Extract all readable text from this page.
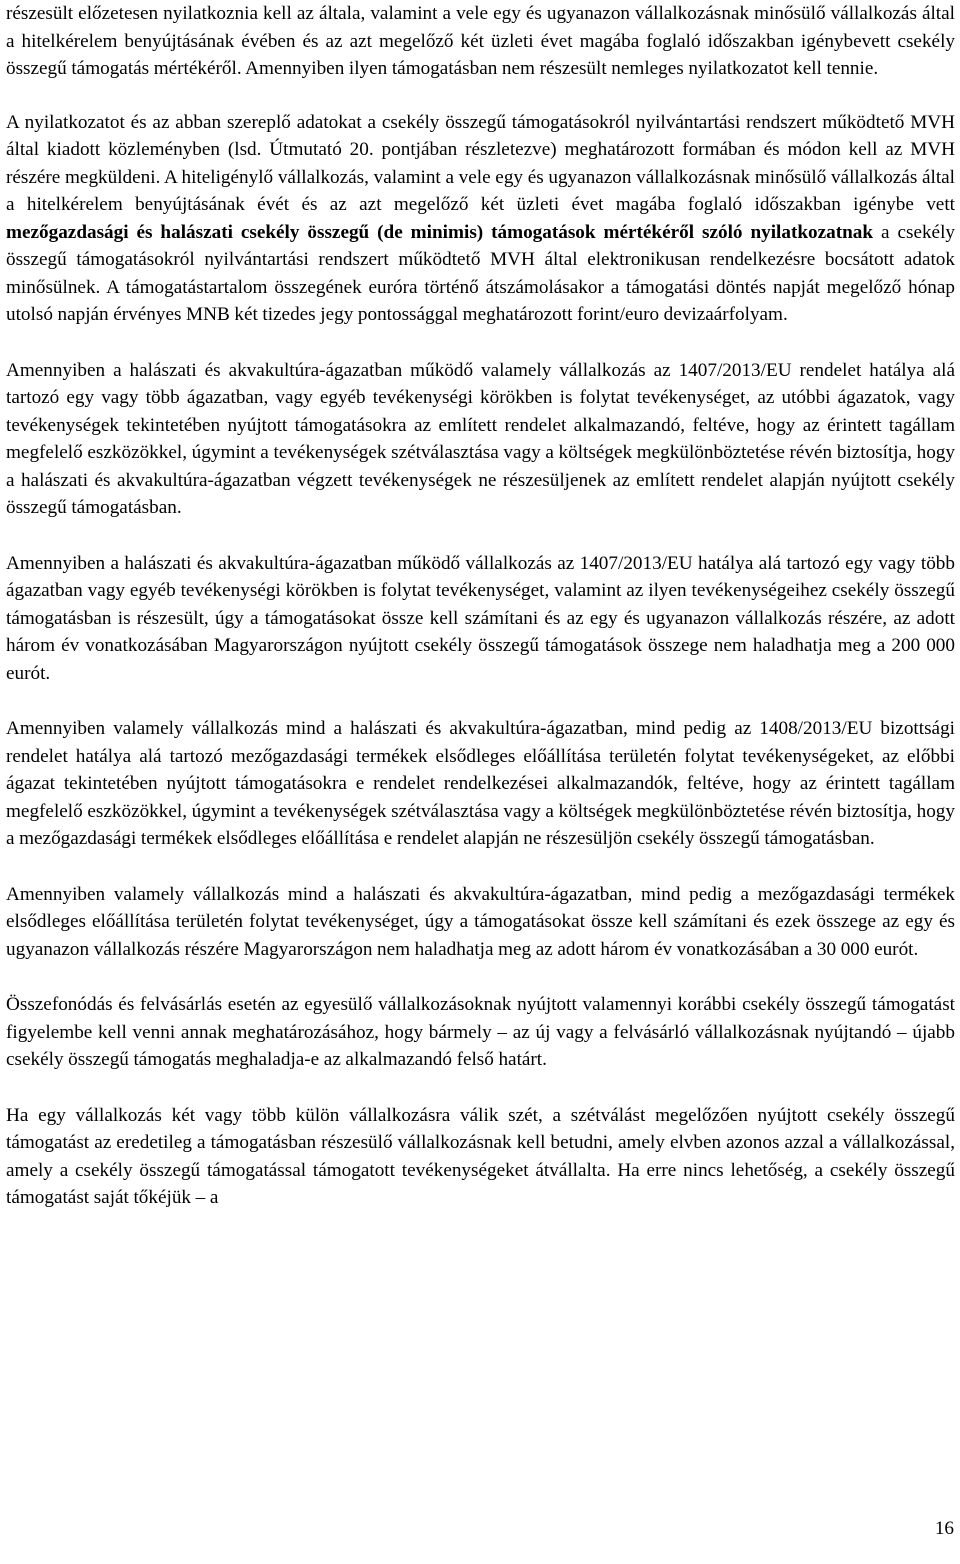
részesült előzetesen nyilatkoznia kell az általa, valamint a vele egy és ugyanazon vállalkozásnak minősülő vállalkozás által a hitelkérelem benyújtásának évében és az azt megelőző két üzleti évet magába foglaló időszakban igénybevett csekély összegű támogatás mértékéről. Amennyiben ilyen támogatásban nem részesült nemleges nyilatkozatot kell tennie.

A nyilatkozatot és az abban szereplő adatokat a csekély összegű támogatásokról nyilvántartási rendszert működtető MVH által kiadott közleményben (lsd. Útmutató 20. pontjában részletezve) meghatározott formában és módon kell az MVH részére megküldeni. A hiteligénylő vállalkozás, valamint a vele egy és ugyanazon vállalkozásnak minősülő vállalkozás által a hitelkérelem benyújtásának évét és az azt megelőző két üzleti évet magába foglaló időszakban igénybe vett mezőgazdasági és halászati csekély összegű (de minimis) támogatások mértékéről szóló nyilatkozatnak a csekély összegű támogatásokról nyilvántartási rendszert működtető MVH által elektronikusan rendelkezésre bocsátott adatok minősülnek. A támogatástartalom összegének euróra történő átszámolásakor a támogatási döntés napját megelőző hónap utolsó napján érvényes MNB két tizedes jegy pontossággal meghatározott forint/euro devizaárfolyam.

Amennyiben a halászati és akvakultúra-ágazatban működő valamely vállalkozás az 1407/2013/EU rendelet hatálya alá tartozó egy vagy több ágazatban, vagy egyéb tevékenységi körökben is folytat tevékenységet, az utóbbi ágazatok, vagy tevékenységek tekintetében nyújtott támogatásokra az említett rendelet alkalmazandó, feltéve, hogy az érintett tagállam megfelelő eszközökkel, úgymint a tevékenységek szétválasztása vagy a költségek megkülönböztetése révén biztosítja, hogy a halászati és akvakultúra-ágazatban végzett tevékenységek ne részesüljenek az említett rendelet alapján nyújtott csekély összegű támogatásban.

Amennyiben a halászati és akvakultúra-ágazatban működő vállalkozás az 1407/2013/EU hatálya alá tartozó egy vagy több ágazatban vagy egyéb tevékenységi körökben is folytat tevékenységet, valamint az ilyen tevékenységeihez csekély összegű támogatásban is részesült, úgy a támogatásokat össze kell számítani és az egy és ugyanazon vállalkozás részére, az adott három év vonatkozásában Magyarországon nyújtott csekély összegű támogatások összege nem haladhatja meg a 200 000 eurót.

Amennyiben valamely vállalkozás mind a halászati és akvakultúra-ágazatban, mind pedig az 1408/2013/EU bizottsági rendelet hatálya alá tartozó mezőgazdasági termékek elsődleges előállítása területén folytat tevékenységeket, az előbbi ágazat tekintetében nyújtott támogatásokra e rendelet rendelkezései alkalmazandók, feltéve, hogy az érintett tagállam megfelelő eszközökkel, úgymint a tevékenységek szétválasztása vagy a költségek megkülönböztetése révén biztosítja, hogy a mezőgazdasági termékek elsődleges előállítása e rendelet alapján ne részesüljön csekély összegű támogatásban.

Amennyiben valamely vállalkozás mind a halászati és akvakultúra-ágazatban, mind pedig a mezőgazdasági termékek elsődleges előállítása területén folytat tevékenységet, úgy a támogatásokat össze kell számítani és ezek összege az egy és ugyanazon vállalkozás részére Magyarországon nem haladhatja meg az adott három év vonatkozásában a 30 000 eurót.

Összefonódás és felvásárlás esetén az egyesülő vállalkozásoknak nyújtott valamennyi korábbi csekély összegű támogatást figyelembe kell venni annak meghatározásához, hogy bármely – az új vagy a felvásárló vállalkozásnak nyújtandó – újabb csekély összegű támogatás meghaladja-e az alkalmazandó felső határt.

Ha egy vállalkozás két vagy több külön vállalkozásra válik szét, a szétválást megelőzően nyújtott csekély összegű támogatást az eredetileg a támogatásban részesülő vállalkozásnak kell betudni, amely elvben azonos azzal a vállalkozással, amely a csekély összegű támogatással támogatott tevékenységeket átvállalta. Ha erre nincs lehetőség, a csekély összegű támogatást saját tőkéjük – a

16
